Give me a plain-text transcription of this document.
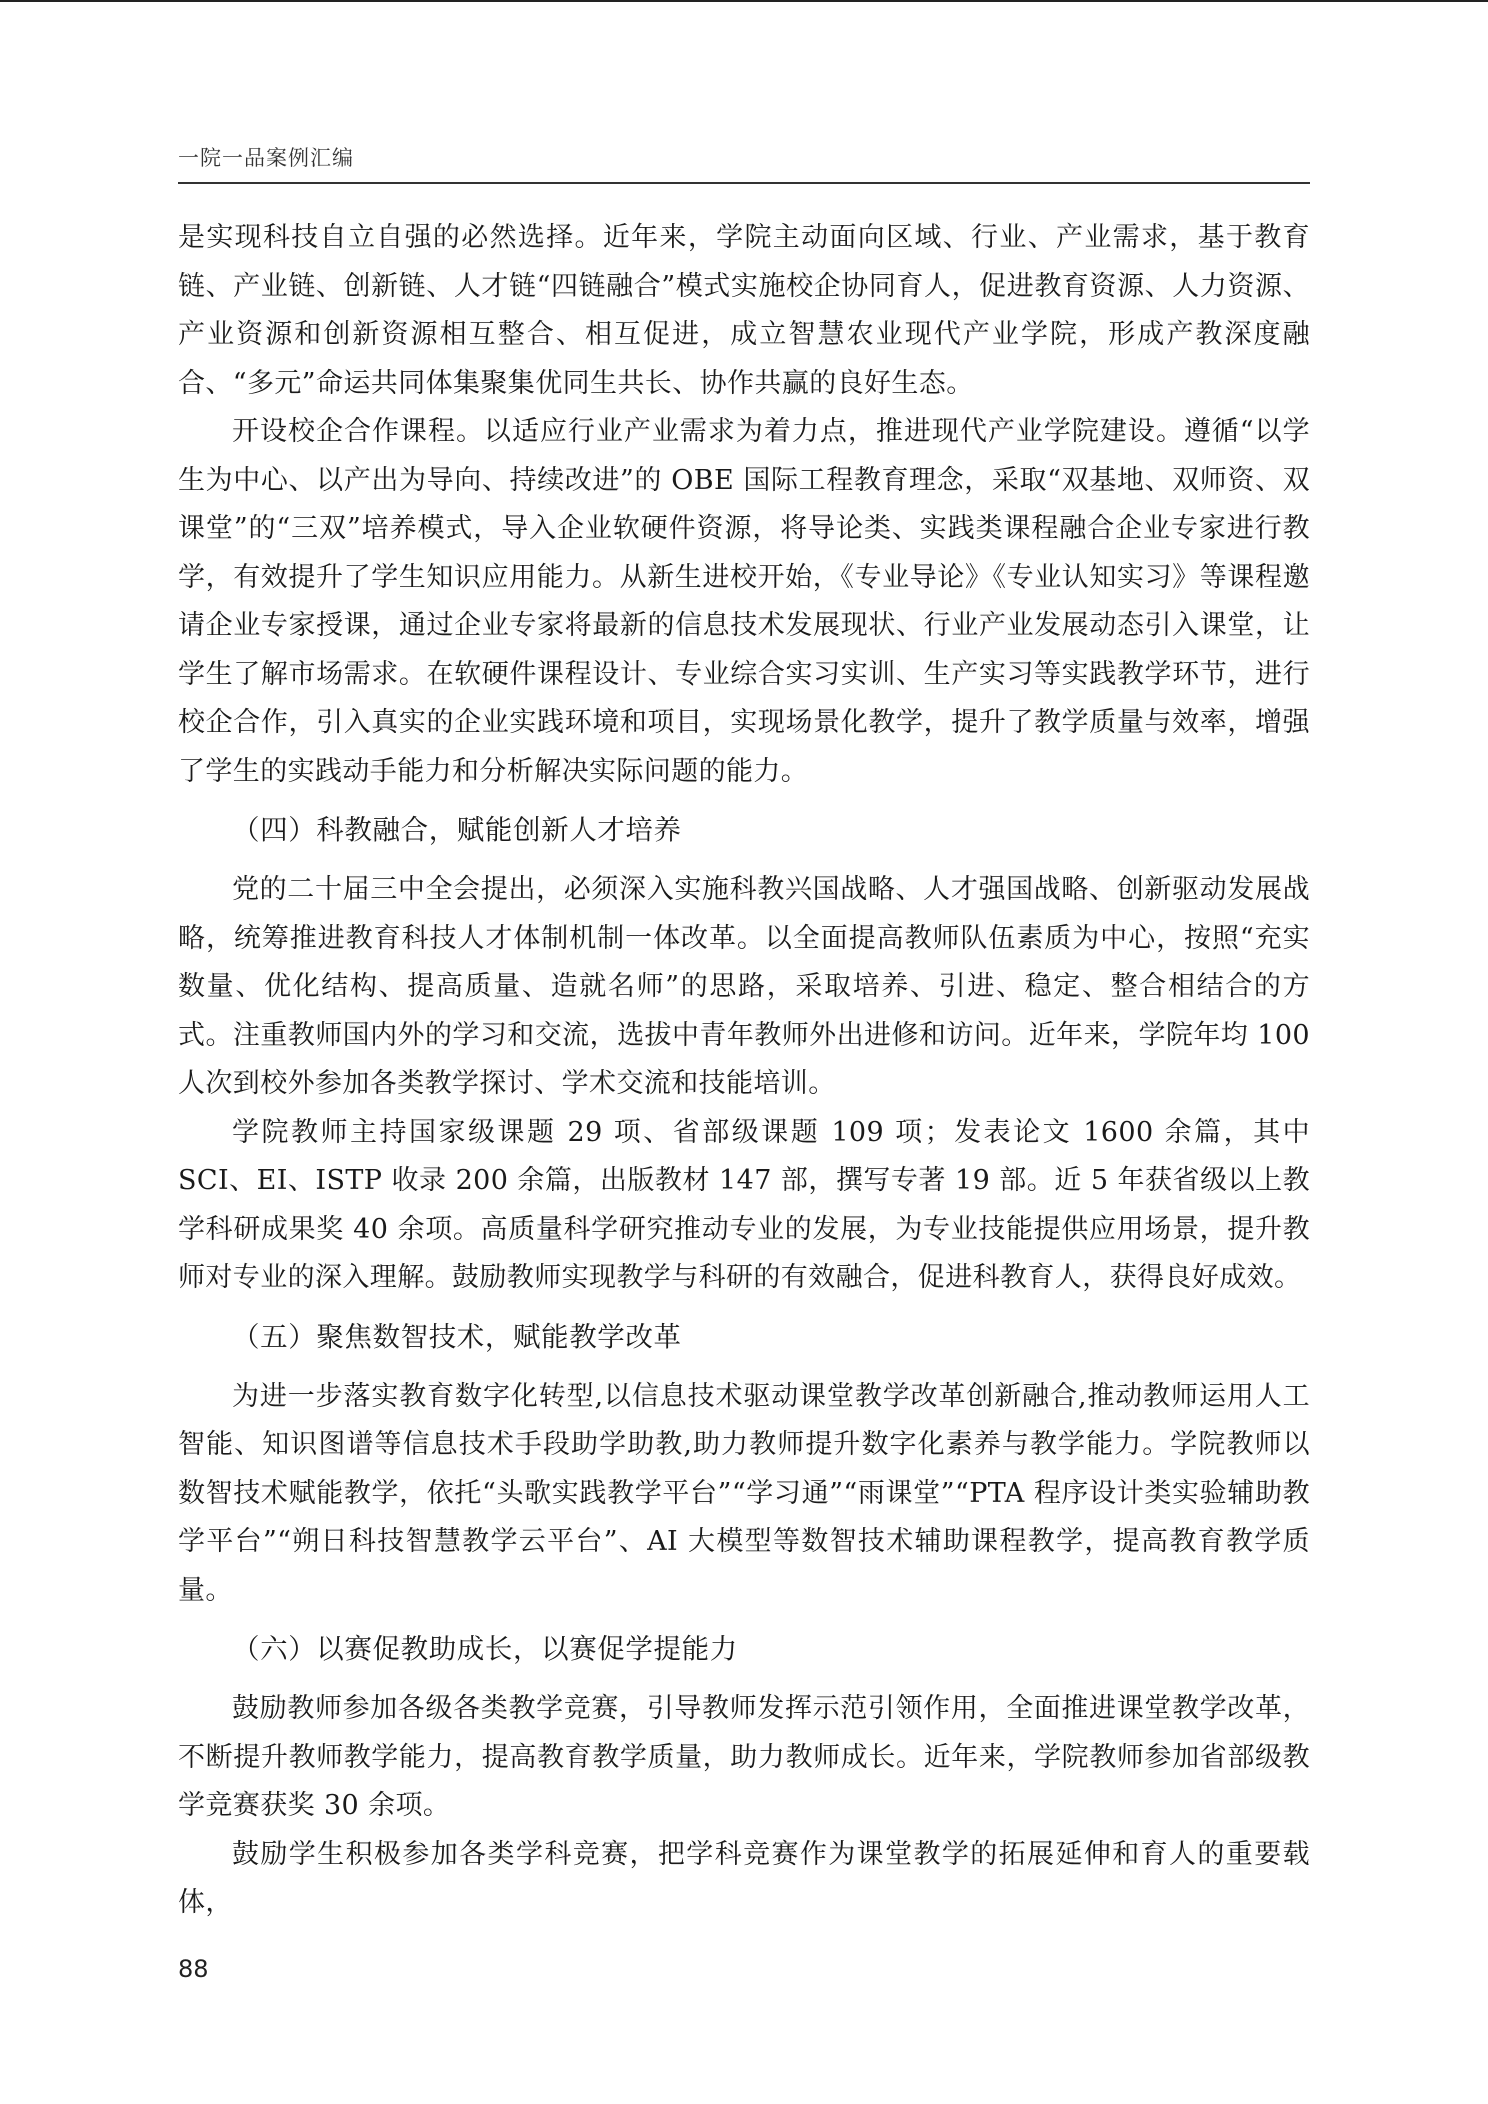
一院一品案例汇编

是实现科技自立自强的必然选择。近年来，学院主动面向区域、行业、产业需求，基于教育链、产业链、创新链、人才链“四链融合”模式实施校企协同育人，促进教育资源、人力资源、产业资源和创新资源相互整合、相互促进，成立智慧农业现代产业学院，形成产教深度融合、“多元”命运共同体集聚集优同生共长、协作共赢的良好生态。

开设校企合作课程。以适应行业产业需求为着力点，推进现代产业学院建设。遵循“以学生为中心、以产出为导向、持续改进”的 OBE 国际工程教育理念，采取“双基地、双师资、双课堂”的“三双”培养模式，导入企业软硬件资源，将导论类、实践类课程融合企业专家进行教学，有效提升了学生知识应用能力。从新生进校开始，《专业导论》《专业认知实习》等课程邀请企业专家授课，通过企业专家将最新的信息技术发展现状、行业产业发展动态引入课堂，让学生了解市场需求。在软硬件课程设计、专业综合实习实训、生产实习等实践教学环节，进行校企合作，引入真实的企业实践环境和项目，实现场景化教学，提升了教学质量与效率，增强了学生的实践动手能力和分析解决实际问题的能力。

（四）科教融合，赋能创新人才培养

党的二十届三中全会提出，必须深入实施科教兴国战略、人才强国战略、创新驱动发展战略，统筹推进教育科技人才体制机制一体改革。以全面提高教师队伍素质为中心，按照“充实数量、优化结构、提高质量、造就名师”的思路，采取培养、引进、稳定、整合相结合的方式。注重教师国内外的学习和交流，选拔中青年教师外出进修和访问。近年来，学院年均 100 人次到校外参加各类教学探讨、学术交流和技能培训。

学院教师主持国家级课题 29 项、省部级课题 109 项；发表论文 1600 余篇，其中 SCI、EI、ISTP 收录 200 余篇，出版教材 147 部，撰写专著 19 部。近 5 年获省级以上教学科研成果奖 40 余项。高质量科学研究推动专业的发展，为专业技能提供应用场景，提升教师对专业的深入理解。鼓励教师实现教学与科研的有效融合，促进科教育人，获得良好成效。

（五）聚焦数智技术，赋能教学改革

为进一步落实教育数字化转型,以信息技术驱动课堂教学改革创新融合,推动教师运用人工智能、知识图谱等信息技术手段助学助教,助力教师提升数字化素养与教学能力。学院教师以数智技术赋能教学，依托“头歌实践教学平台”“学习通”“雨课堂”“PTA 程序设计类实验辅助教学平台”“朔日科技智慧教学云平台”、AI 大模型等数智技术辅助课程教学，提高教育教学质量。

（六）以赛促教助成长，以赛促学提能力

鼓励教师参加各级各类教学竞赛，引导教师发挥示范引领作用，全面推进课堂教学改革，不断提升教师教学能力，提高教育教学质量，助力教师成长。近年来，学院教师参加省部级教学竞赛获奖 30 余项。

鼓励学生积极参加各类学科竞赛，把学科竞赛作为课堂教学的拓展延伸和育人的重要载体，

88
